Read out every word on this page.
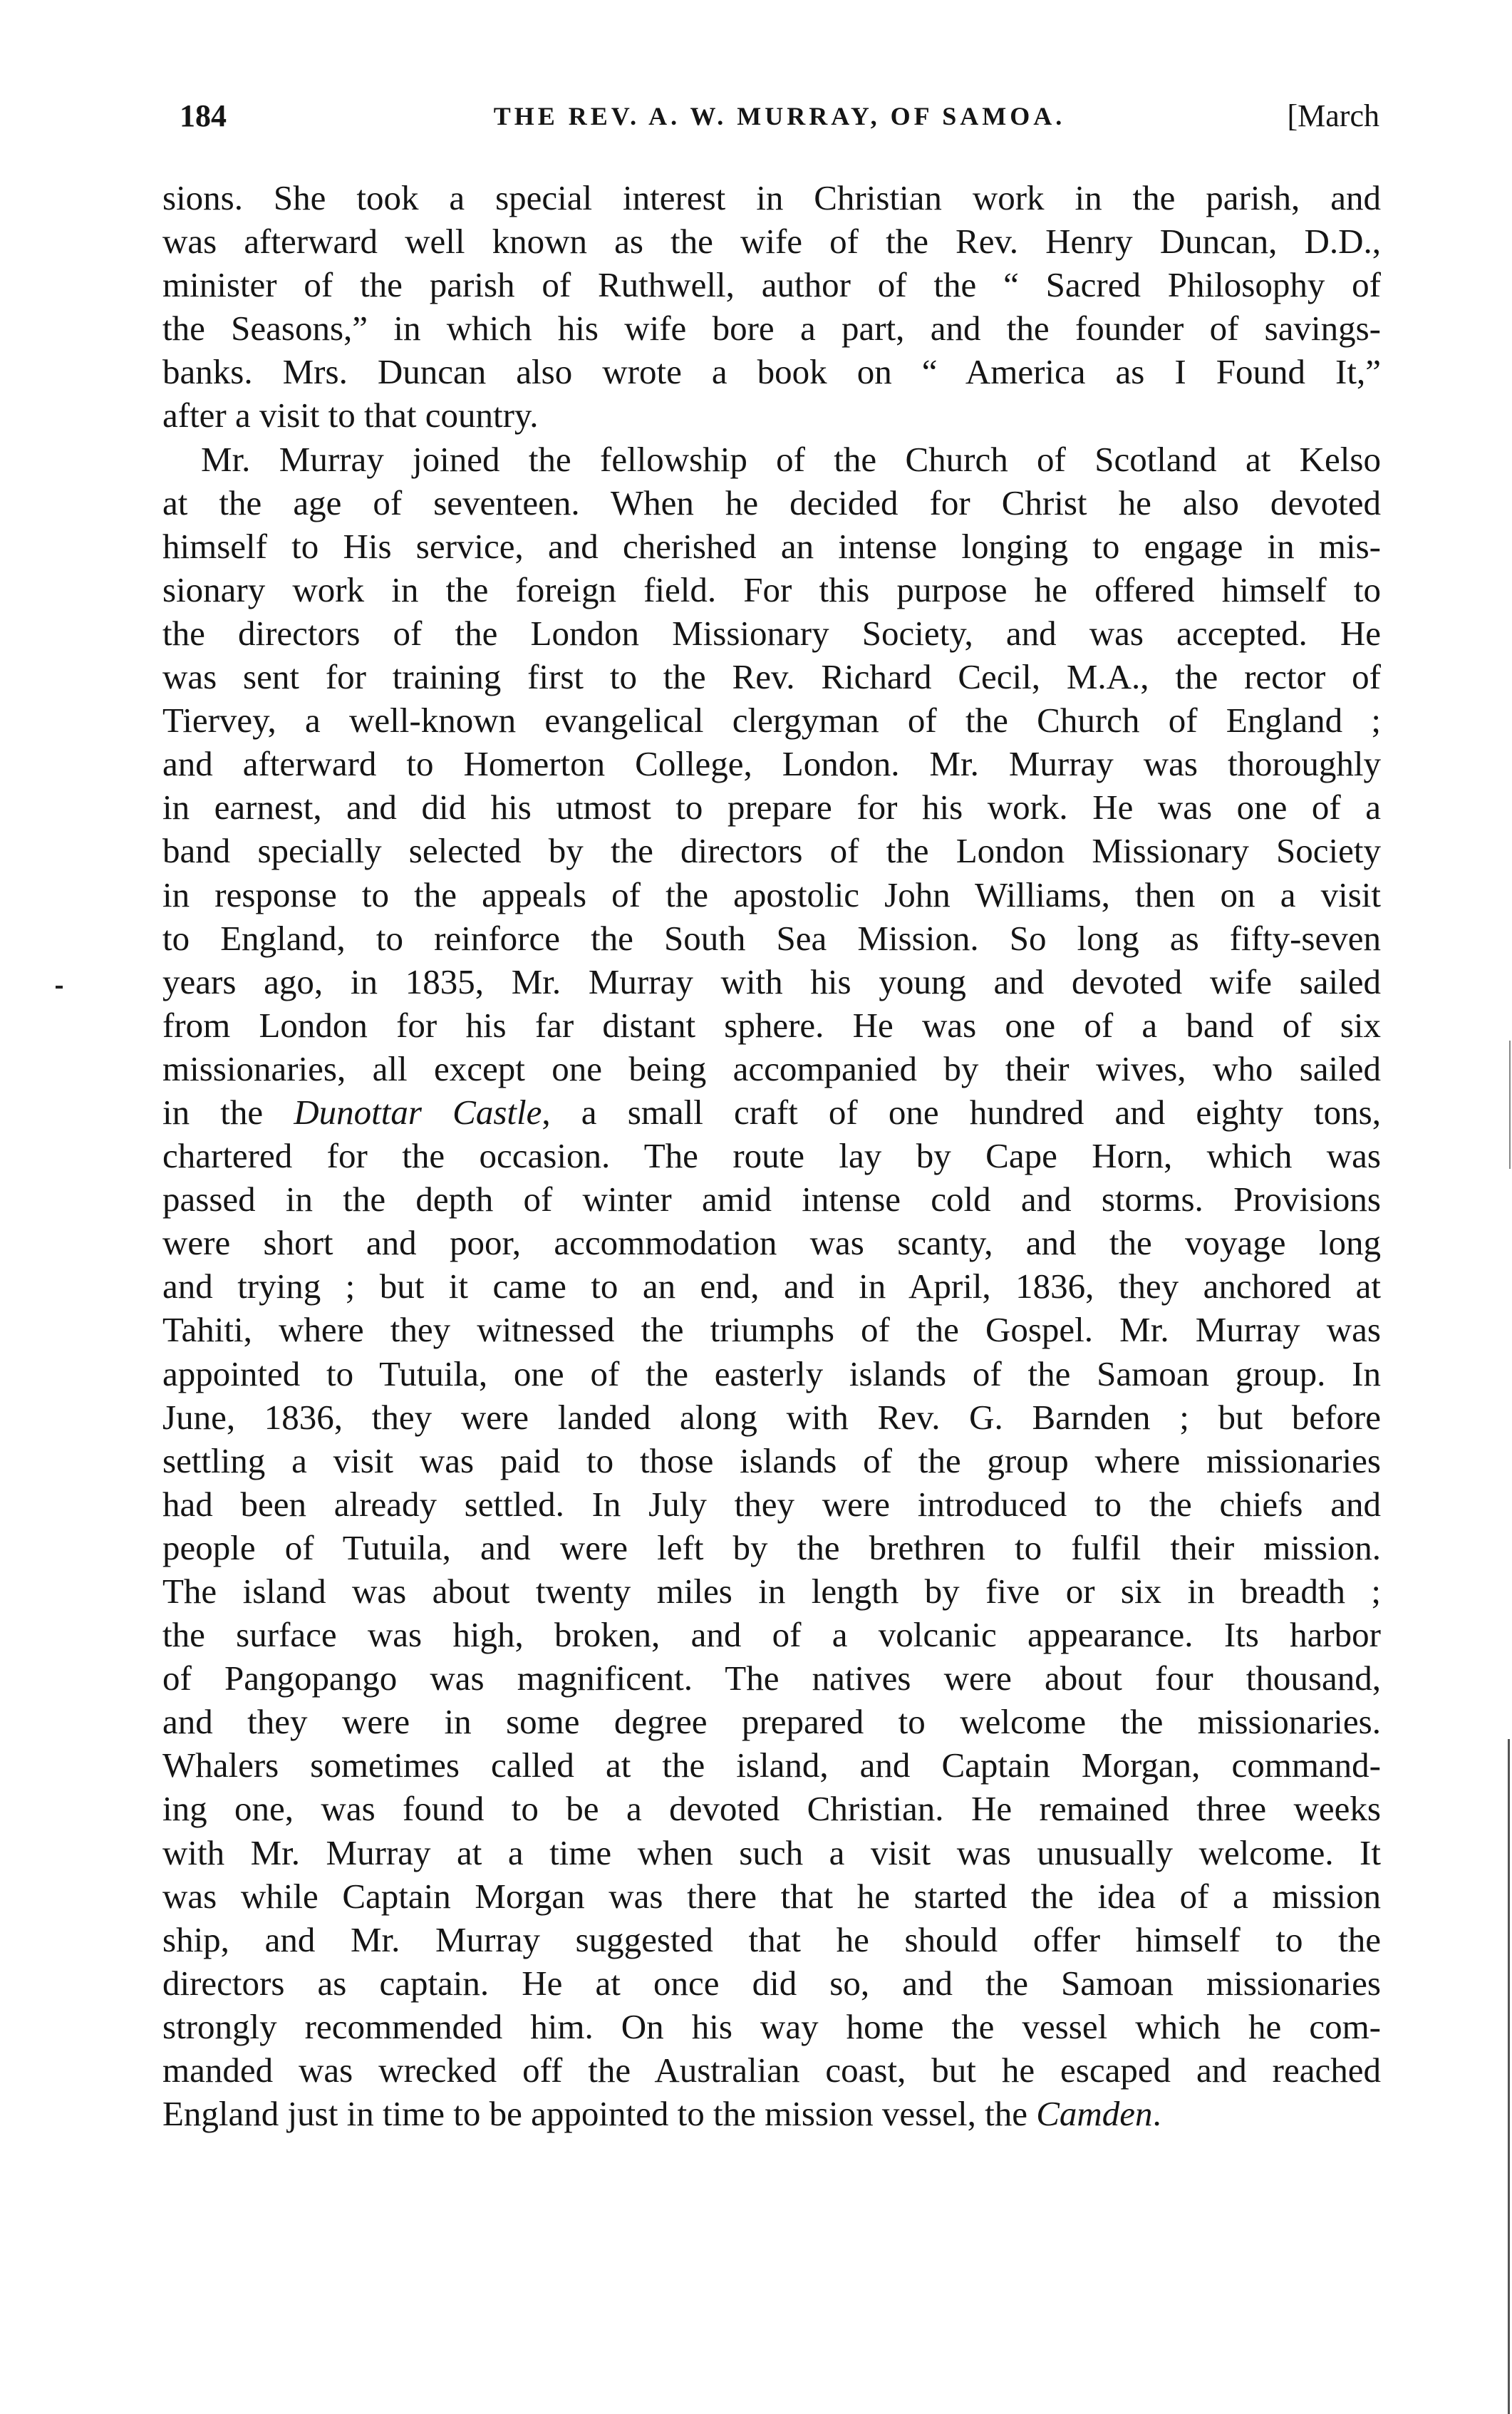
184	THE REV. A. W. MURRAY, OF SAMOA.	[March
sions. She took a special interest in Christian work in the parish, and
was afterward well known as the wife of the Rev. Henry Duncan, D.D.,
minister of the parish of Ruthwell, author of the “ Sacred Philosophy of
the Seasons,” in which his wife bore a part, and the founder of savings-
banks. Mrs. Duncan also wrote a book on “ America as I Found It,”
after a visit to that country.
Mr. Murray joined the fellowship of the Church of Scotland at Kelso
at the age of seventeen. When he decided for Christ he also devoted
himself to His service, and cherished an intense longing to engage in mis-
sionary work in the foreign field. For this purpose he offered himself to
the directors of the London Missionary Society, and was accepted. He
was sent for training first to the Rev. Richard Cecil, M.A., the rector of
Tiervey, a well-known evangelical clergyman of the Church of England ;
and afterward to Homerton College, London. Mr. Murray was thoroughly
in earnest, and did his utmost to prepare for his work. He was one of a
band specially selected by the directors of the London Missionary Society
in response to the appeals of the apostolic John Williams, then on a visit
to England, to reinforce the South Sea Mission. So long as fifty-seven
years ago, in 1835, Mr. Murray with his young and devoted wife sailed
from London for his far distant sphere. He was one of a band of six
missionaries, all except one being accompanied by their wives, who sailed
in the Dunottar Castle, a small craft of one hundred and eighty tons,
chartered for the occasion. The route lay by Cape Horn, which was
passed in the depth of winter amid intense cold and storms. Provisions
were short and poor, accommodation was scanty, and the voyage long
and trying ; but it came to an end, and in April, 1836, they anchored at
Tahiti, where they witnessed the triumphs of the Gospel. Mr. Murray was
appointed to Tutuila, one of the easterly islands of the Samoan group. In
June, 1836, they were landed along with Rev. G. Barnden ; but before
settling a visit was paid to those islands of the group where missionaries
had been already settled. In July they were introduced to the chiefs and
people of Tutuila, and were left by the brethren to fulfil their mission.
The island was about twenty miles in length by five or six in breadth ;
the surface was high, broken, and of a volcanic appearance. Its harbor
of Pangopango was magnificent. The natives were about four thousand,
and they were in some degree prepared to welcome the missionaries.
Whalers sometimes called at the island, and Captain Morgan, command-
ing one, was found to be a devoted Christian. He remained three weeks
with Mr. Murray at a time when such a visit was unusually welcome. It
was while Captain Morgan was there that he started the idea of a mission
ship, and Mr. Murray suggested that he should offer himself to the
directors as captain. He at once did so, and the Samoan missionaries
strongly recommended him. On his way home the vessel which he com-
manded was wrecked off the Australian coast, but he escaped and reached
England just in time to be appointed to the mission vessel, the Camden.
